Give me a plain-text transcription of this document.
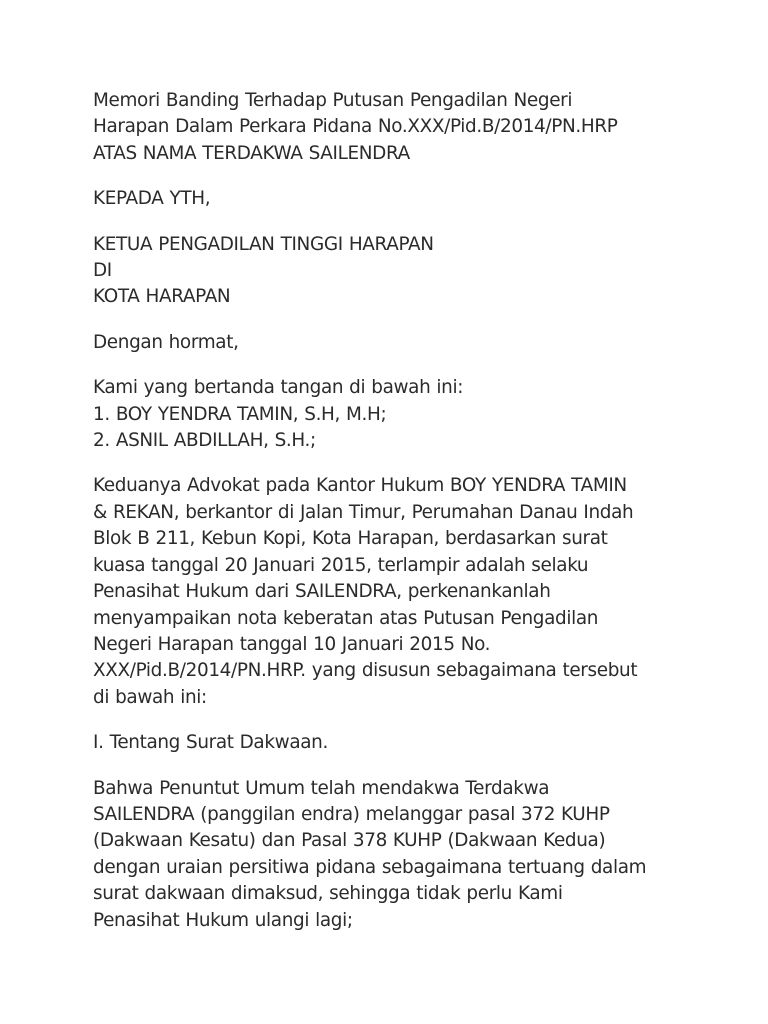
Memori Banding Terhadap Putusan Pengadilan Negeri
Harapan Dalam Perkara Pidana No.XXX/Pid.B/2014/PN.HRP
ATAS NAMA TERDAKWA SAILENDRA

KEPADA YTH,

KETUA PENGADILAN TINGGI HARAPAN
DI
KOTA HARAPAN

Dengan hormat,

Kami yang bertanda tangan di bawah ini:
1. BOY YENDRA TAMIN, S.H, M.H;
2. ASNIL ABDILLAH, S.H.;

Keduanya Advokat pada Kantor Hukum BOY YENDRA TAMIN
& REKAN, berkantor di Jalan Timur, Perumahan Danau Indah
Blok B 211, Kebun Kopi, Kota Harapan, berdasarkan surat
kuasa tanggal 20 Januari 2015, terlampir adalah selaku
Penasihat Hukum dari SAILENDRA, perkenankanlah
menyampaikan nota keberatan atas Putusan Pengadilan
Negeri Harapan tanggal 10 Januari 2015 No.
XXX/Pid.B/2014/PN.HRP. yang disusun sebagaimana tersebut
di bawah ini:

I. Tentang Surat Dakwaan.

Bahwa Penuntut Umum telah mendakwa Terdakwa
SAILENDRA (panggilan endra) melanggar pasal 372 KUHP
(Dakwaan Kesatu) dan Pasal 378 KUHP (Dakwaan Kedua)
dengan uraian persitiwa pidana sebagaimana tertuang dalam
surat dakwaan dimaksud, sehingga tidak perlu Kami
Penasihat Hukum ulangi lagi;
